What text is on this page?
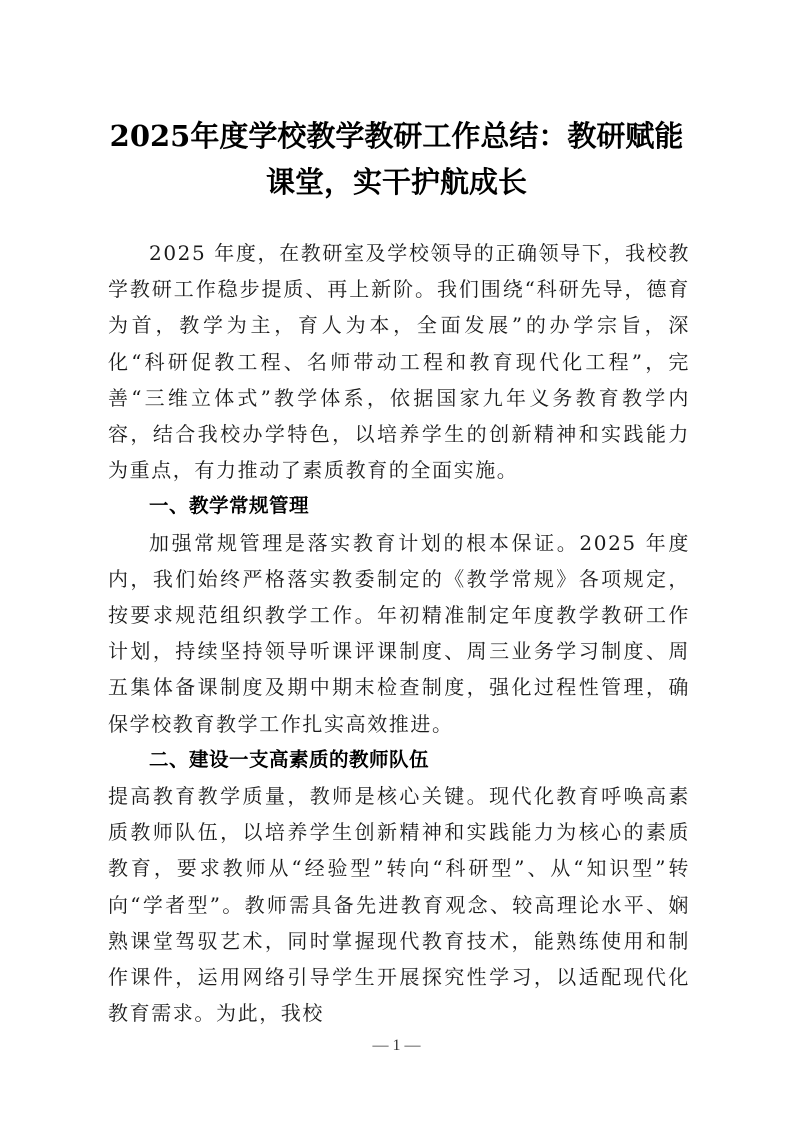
2025年度学校教学教研工作总结：教研赋能课堂，实干护航成长

2025 年度，在教研室及学校领导的正确领导下，我校教学教研工作稳步提质、再上新阶。我们围绕“科研先导，德育为首，教学为主，育人为本，全面发展”的办学宗旨，深化“科研促教工程、名师带动工程和教育现代化工程”，完善“三维立体式”教学体系，依据国家九年义务教育教学内容，结合我校办学特色，以培养学生的创新精神和实践能力为重点，有力推动了素质教育的全面实施。

一、教学常规管理

加强常规管理是落实教育计划的根本保证。2025 年度内，我们始终严格落实教委制定的《教学常规》各项规定，按要求规范组织教学工作。年初精准制定年度教学教研工作计划，持续坚持领导听课评课制度、周三业务学习制度、周五集体备课制度及期中期末检查制度，强化过程性管理，确保学校教育教学工作扎实高效推进。

二、建设一支高素质的教师队伍

提高教育教学质量，教师是核心关键。现代化教育呼唤高素质教师队伍，以培养学生创新精神和实践能力为核心的素质教育，要求教师从“经验型”转向“科研型”、从“知识型”转向“学者型”。教师需具备先进教育观念、较高理论水平、娴熟课堂驾驭艺术，同时掌握现代教育技术，能熟练使用和制作课件，运用网络引导学生开展探究性学习，以适配现代化教育需求。为此，我校

— 1 —
